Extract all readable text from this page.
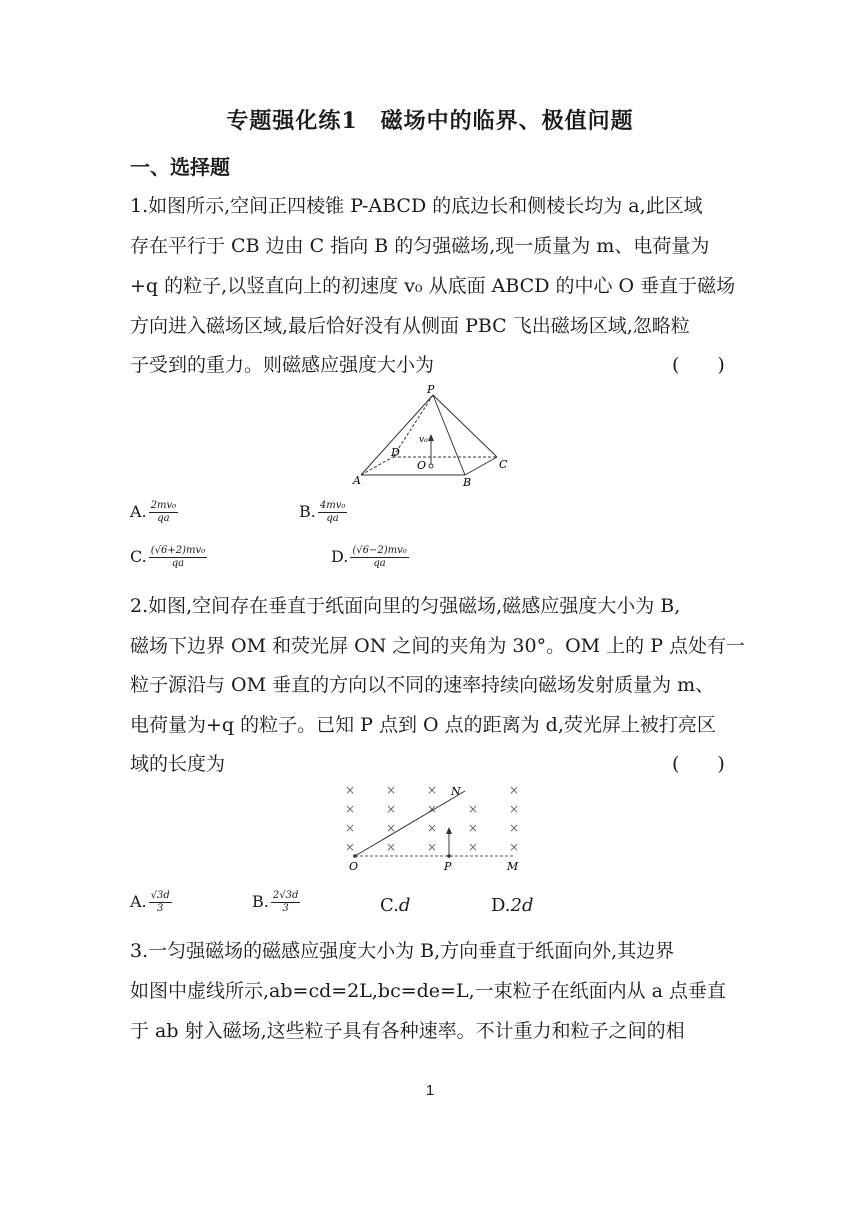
专题强化练1　磁场中的临界、极值问题
一、选择题
1.如图所示,空间正四棱锥 P-ABCD 的底边长和侧棱长均为 a,此区域
存在平行于 CB 边由 C 指向 B 的匀强磁场,现一质量为 m、电荷量为
+q 的粒子,以竖直向上的初速度 v₀ 从底面 ABCD 的中心 O 垂直于磁场
方向进入磁场区域,最后恰好没有从侧面 PBC 飞出磁场区域,忽略粒
子受到的重力。则磁感应强度大小为	(　　)
P
A	B
C
D
O
v₀
A. $\frac{\text{2mv₀}}{qa}$	B. $\frac{\text{4mv₀}}{qa}$
C. $\frac{\text{(√6+2)mv₀}}{qa}$	D. $\frac{\text{(√6−2)mv₀}}{qa}$
2.如图,空间存在垂直于纸面向里的匀强磁场,磁感应强度大小为 B,
磁场下边界 OM 和荧光屏 ON 之间的夹角为 30°。OM 上的 P 点处有一
粒子源沿与 OM 垂直的方向以不同的速率持续向磁场发射质量为 m、
电荷量为+q 的粒子。已知 P 点到 O 点的距离为 d,荧光屏上被打亮区
域的长度为	(　　)
×	×	×	×
×	×	×	×	×
×	×	×	×	×
×	×	×	×	×
N
O	P	M
A. $\frac{√3d}{3}$	B. $\frac{2√3d}{3}$	C.d	D.2d
3.一匀强磁场的磁感应强度大小为 B,方向垂直于纸面向外,其边界
如图中虚线所示,ab=cd=2L,bc=de=L,一束粒子在纸面内从 a 点垂直
于 ab 射入磁场,这些粒子具有各种速率。不计重力和粒子之间的相
1
